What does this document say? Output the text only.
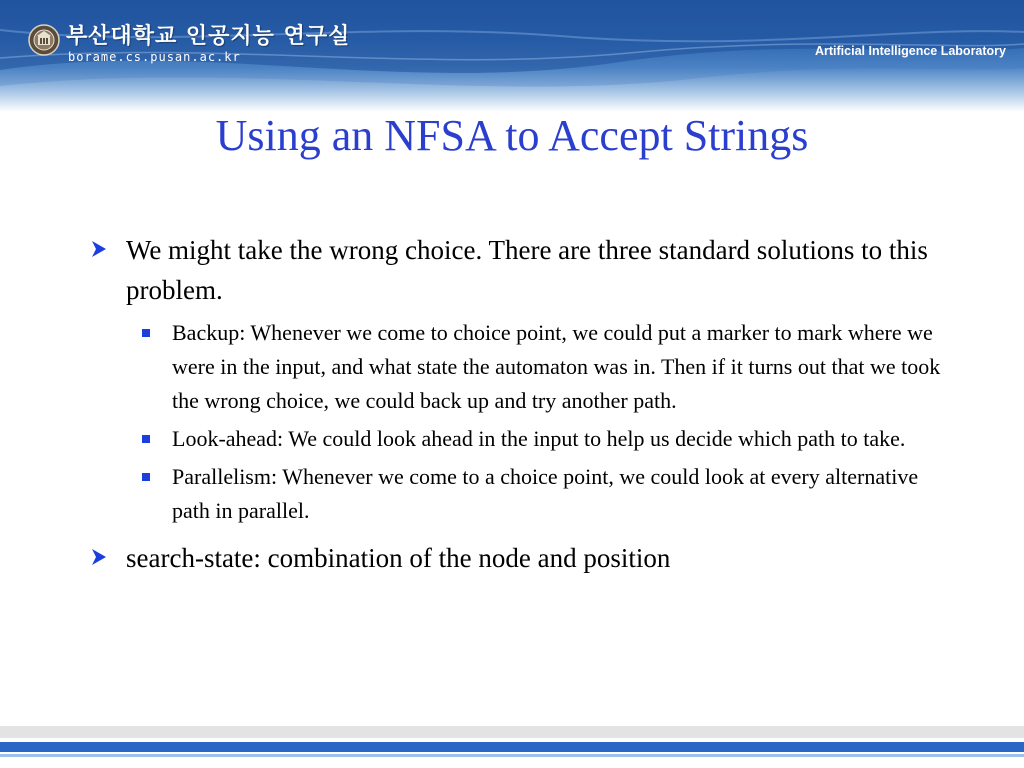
부산대학교 인공지능 연구실
borame.cs.pusan.ac.kr	Artificial Intelligence Laboratory
Using an NFSA to Accept Strings
We might take the wrong choice. There are three standard solutions to this problem.
Backup: Whenever we come to choice point, we could put a marker to mark where we were in the input, and what state the automaton was in. Then if it turns out that we took the wrong choice, we could back up and try another path.
Look-ahead: We could look ahead in the input to help us decide which path to take.
Parallelism: Whenever we come to a choice point, we could look at every alternative path in parallel.
search-state: combination of the node and position
